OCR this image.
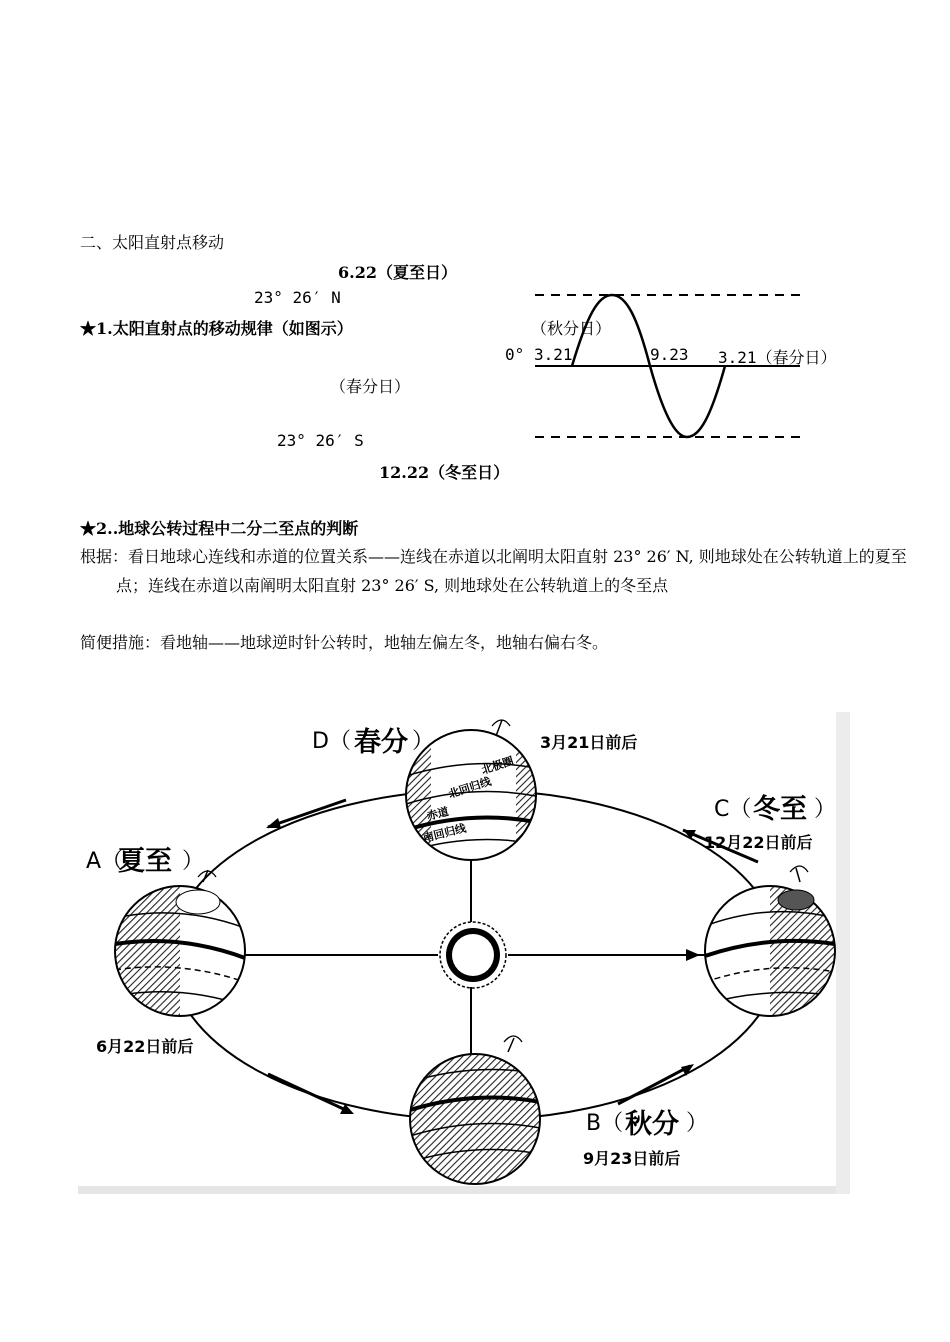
二、太阳直射点移动
6.22（夏至日）
23° 26′ N
★1.太阳直射点的移动规律（如图示）
（春分日）
23° 26′ S
12.22（冬至日）
（秋分日）
0° 3.21	9.23 3.21（春分日）
★2..地球公转过程中二分二至点的判断
根据：看日地球心连线和赤道的位置关系——连线在赤道以北阐明太阳直射 23° 26′ N, 则地球处在公转轨道上的夏至点；连线在赤道以南阐明太阳直射 23° 26′ S, 则地球处在公转轨道上的冬至点
简便措施：看地轴——地球逆时针公转时，地轴左偏左冬，地轴右偏右冬。
北极圈
北回归线
赤道
南回归线
D（ 春分 ）	3月21日前后
C（ 冬至 ）
12月22日前后
A（
夏至 ）
6月22日前后
B（ 秋分 ）
9月23日前后
